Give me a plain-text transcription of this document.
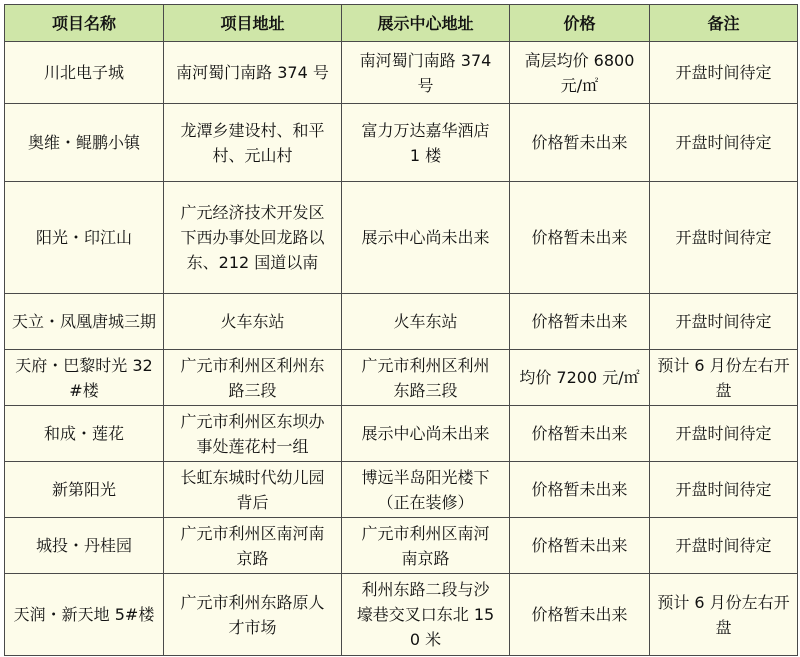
项目名称	项目地址	展示中心地址	价格	备注
川北电子城	南河蜀门南路 374 号	南河蜀门南路 374 号	高层均价 6800 元/㎡	开盘时间待定
奥维・鲲鹏小镇	龙潭乡建设村、和平村、元山村	富力万达嘉华酒店 1 楼	价格暂未出来	开盘时间待定
阳光・印江山	广元经济技术开发区下西办事处回龙路以东、212 国道以南	展示中心尚未出来	价格暂未出来	开盘时间待定
天立・凤凰唐城三期	火车东站	火车东站	价格暂未出来	开盘时间待定
天府・巴黎时光 32#楼	广元市利州区利州东路三段	广元市利州区利州东路三段	均价 7200 元/㎡	预计 6 月份左右开盘
和成・莲花	广元市利州区东坝办事处莲花村一组	展示中心尚未出来	价格暂未出来	开盘时间待定
新第阳光	长虹东城时代幼儿园背后	博远半岛阳光楼下（正在装修）	价格暂未出来	开盘时间待定
城投・丹桂园	广元市利州区南河南京路	广元市利州区南河南京路	价格暂未出来	开盘时间待定
天润・新天地 5#楼	广元市利州东路原人才市场	利州东路二段与沙壕巷交叉口东北 150 米	价格暂未出来	预计 6 月份左右开盘
